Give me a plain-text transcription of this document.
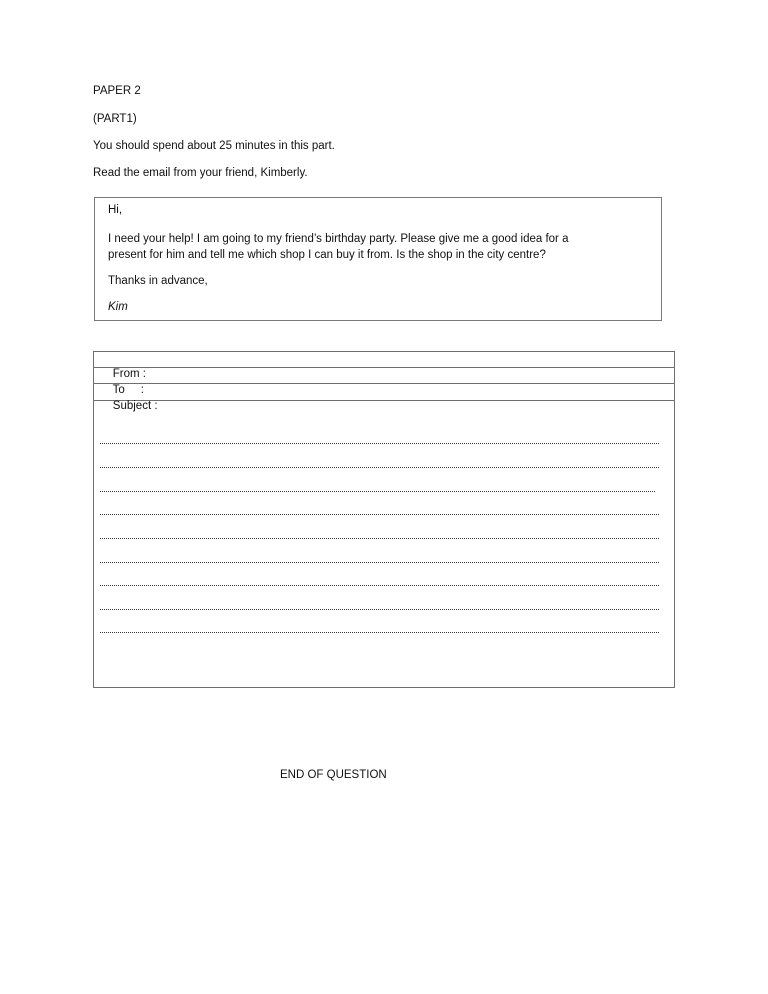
PAPER 2
(PART1)
You should spend about 25 minutes in this part.
Read the email from your friend, Kimberly.
Hi,
I need your help! I am going to my friend’s birthday party. Please give me a good idea for a
present for him and tell me which shop I can buy it from. Is the shop in the city centre?
Thanks in advance,
Kim

From :

To     :

Subject :

END OF QUESTION
